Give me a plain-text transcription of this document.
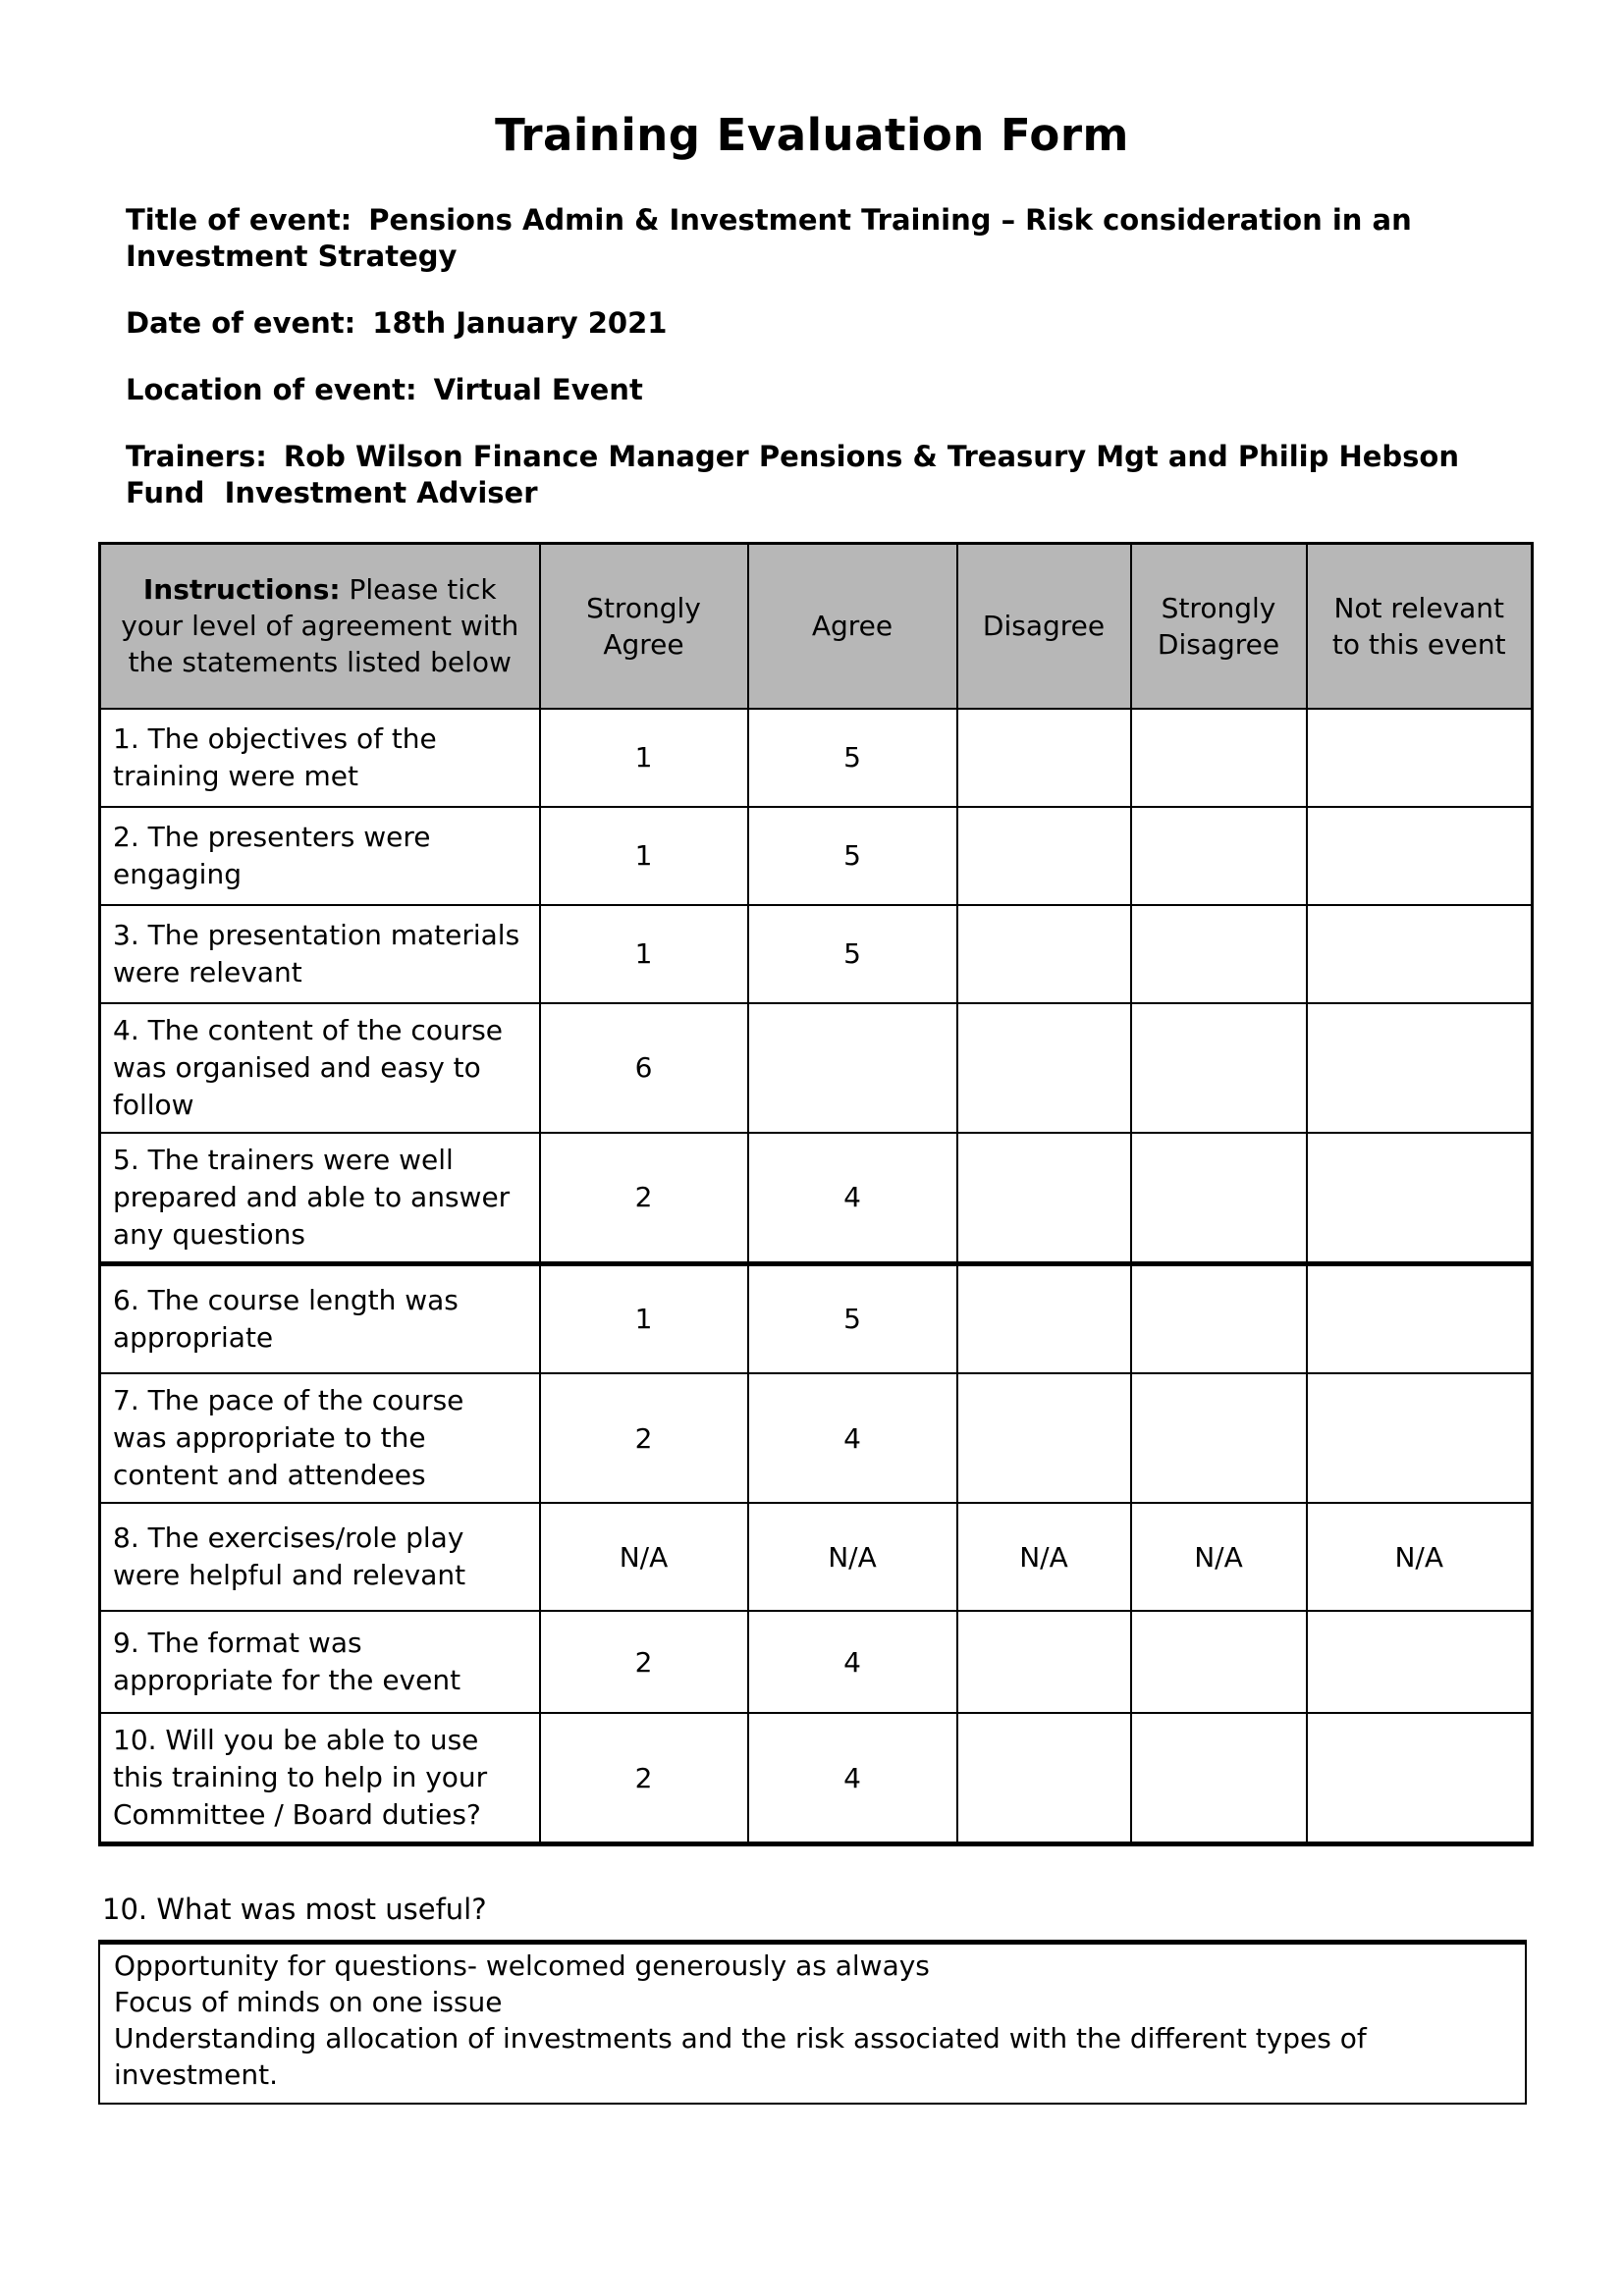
Training Evaluation Form

Title of event: Pensions Admin & Investment Training – Risk consideration in an Investment Strategy

Date of event: 18th January 2021

Location of event: Virtual Event

Trainers: Rob Wilson Finance Manager Pensions & Treasury Mgt and Philip Hebson Fund  Investment Adviser

Instructions: Please tick your level of agreement with the statements listed below	Strongly Agree	Agree	Disagree	Strongly Disagree	Not relevant to this event
1. The objectives of the training were met	1	5			
2. The presenters were engaging	1	5			
3. The presentation materials were relevant	1	5			
4. The content of the course was organised and easy to follow	6				
5. The trainers were well prepared and able to answer any questions	2	4			
6. The course length was appropriate	1	5			
7. The pace of the course was appropriate to the content and attendees	2	4			
8. The exercises/role play were helpful and relevant	N/A	N/A	N/A	N/A	N/A
9. The format was appropriate for the event	2	4			
10. Will you be able to use this training to help in your Committee / Board duties?	2	4			

10. What was most useful?

Opportunity for questions- welcomed generously as always
Focus of minds on one issue
Understanding allocation of investments and the risk associated with the different types of investment.
